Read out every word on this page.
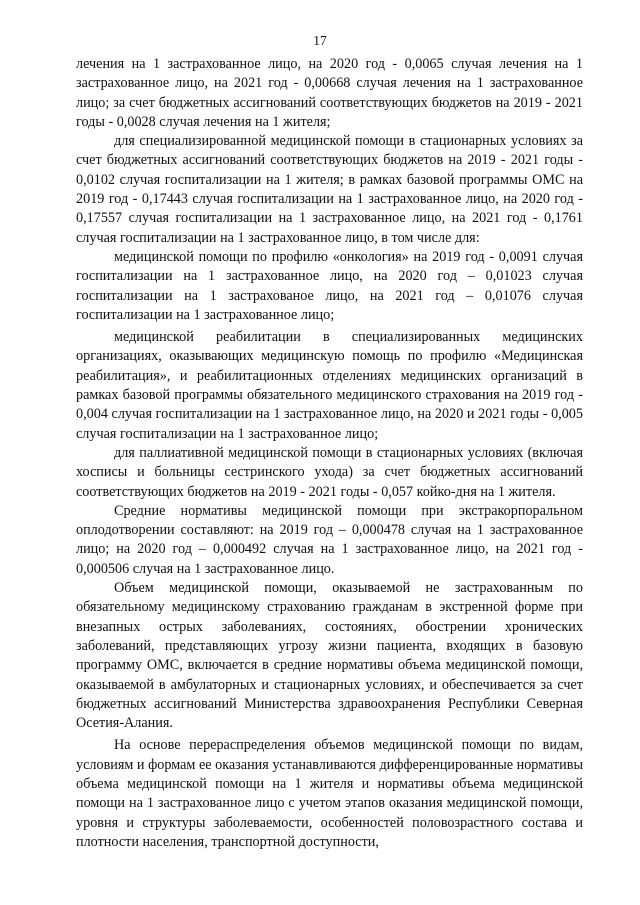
17

лечения на 1 застрахованное лицо, на 2020 год - 0,0065 случая лечения на 1 застрахованное лицо, на 2021 год - 0,00668 случая лечения на 1 застрахованное лицо; за счет бюджетных ассигнований соответствующих бюджетов на 2019 - 2021 годы - 0,0028 случая лечения на 1 жителя;

для специализированной медицинской помощи в стационарных условиях за счет бюджетных ассигнований соответствующих бюджетов на 2019 - 2021 годы - 0,0102 случая госпитализации на 1 жителя; в рамках базовой программы ОМС на 2019 год - 0,17443 случая госпитализации на 1 застрахованное лицо, на 2020 год - 0,17557 случая госпитализации на 1 застрахованное лицо, на 2021 год - 0,1761 случая госпитализации на 1 застрахованное лицо, в том числе для:

медицинской помощи по профилю «онкология» на 2019 год - 0,0091 случая госпитализации на 1 застрахованное лицо, на 2020 год – 0,01023 случая госпитализации на 1 застрахованое лицо, на 2021 год – 0,01076 случая госпитализации на 1 застрахованное лицо;

медицинской реабилитации в специализированных медицинских организациях, оказывающих медицинскую помощь по профилю «Медицинская реабилитация», и реабилитационных отделениях медицинских организаций в рамках базовой программы обязательного медицинского страхования на 2019 год - 0,004 случая госпитализации на 1 застрахованное лицо, на 2020 и 2021 годы - 0,005 случая госпитализации на 1 застрахованное лицо;

для паллиативной медицинской помощи в стационарных условиях (включая хосписы и больницы сестринского ухода) за счет бюджетных ассигнований соответствующих бюджетов на 2019 - 2021 годы - 0,057 койко-дня на 1 жителя.

Средние нормативы медицинской помощи при экстракорпоральном оплодотворении составляют: на 2019 год – 0,000478 случая на 1 застрахованное лицо; на 2020 год – 0,000492 случая на 1 застрахованное лицо, на 2021 год - 0,000506 случая на 1 застрахованное лицо.

Объем медицинской помощи, оказываемой не застрахованным по обязательному медицинскому страхованию гражданам в экстренной форме при внезапных острых заболеваниях, состояниях, обострении хронических заболеваний, представляющих угрозу жизни пациента, входящих в базовую программу ОМС, включается в средние нормативы объема медицинской помощи, оказываемой в амбулаторных и стационарных условиях, и обеспечивается за счет бюджетных ассигнований Министерства здравоохранения Республики Северная Осетия-Алания.

На основе перераспределения объемов медицинской помощи по видам, условиям и формам ее оказания устанавливаются дифференцированные нормативы объема медицинской помощи на 1 жителя и нормативы объема медицинской помощи на 1 застрахованное лицо с учетом этапов оказания медицинской помощи, уровня и структуры заболеваемости, особенностей половозрастного состава и плотности населения, транспортной доступности,
